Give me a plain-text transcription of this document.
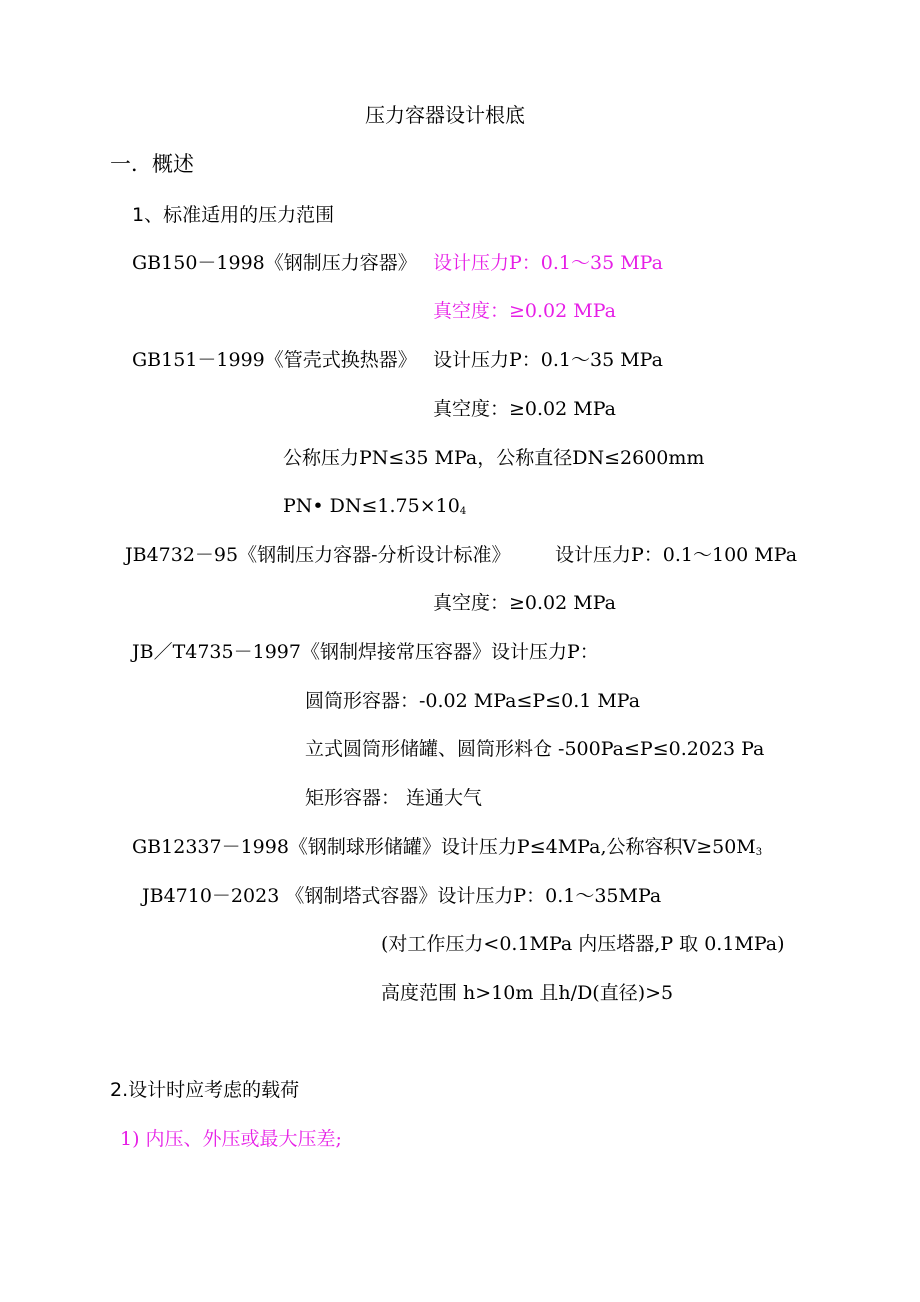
压力容器设计根底
一．概述
1、标准适用的压力范围
GB150－1998《钢制压力容器》 设计压力P：0.1～35 MPa
真空度：≥0.02 MPa
GB151－1999《管壳式换热器》 设计压力P：0.1～35 MPa
真空度：≥0.02 MPa
公称压力PN≤35 MPa，公称直径DN≤2600mm
PN• $DN\le 1.75\times 10_4$
JB4732－95《钢制压力容器-分析设计标准》 设计压力P：0.1～100 MPa
真空度：≥0.02 MPa
JB／T4735－1997《钢制焊接常压容器》设计压力P：
圆筒形容器：-0.02 MPa≤P≤0.1 MPa
立式圆筒形储罐、圆筒形料仓 -500Pa≤P≤0.2023 Pa
矩形容器： 连通大气
GB12337－1998《钢制球形储罐》设计压力P≤4MPa,公称容积$V\ge 50M_3$
JB4710－2023 《钢制塔式容器》设计压力P：0.1～35MPa
(对工作压力<0.1MPa 内压塔器,P 取 0.1MPa)
高度范围 h>10m 且h/D(直径)>5
2.设计时应考虑的载荷
1) 内压、外压或最大压差;
